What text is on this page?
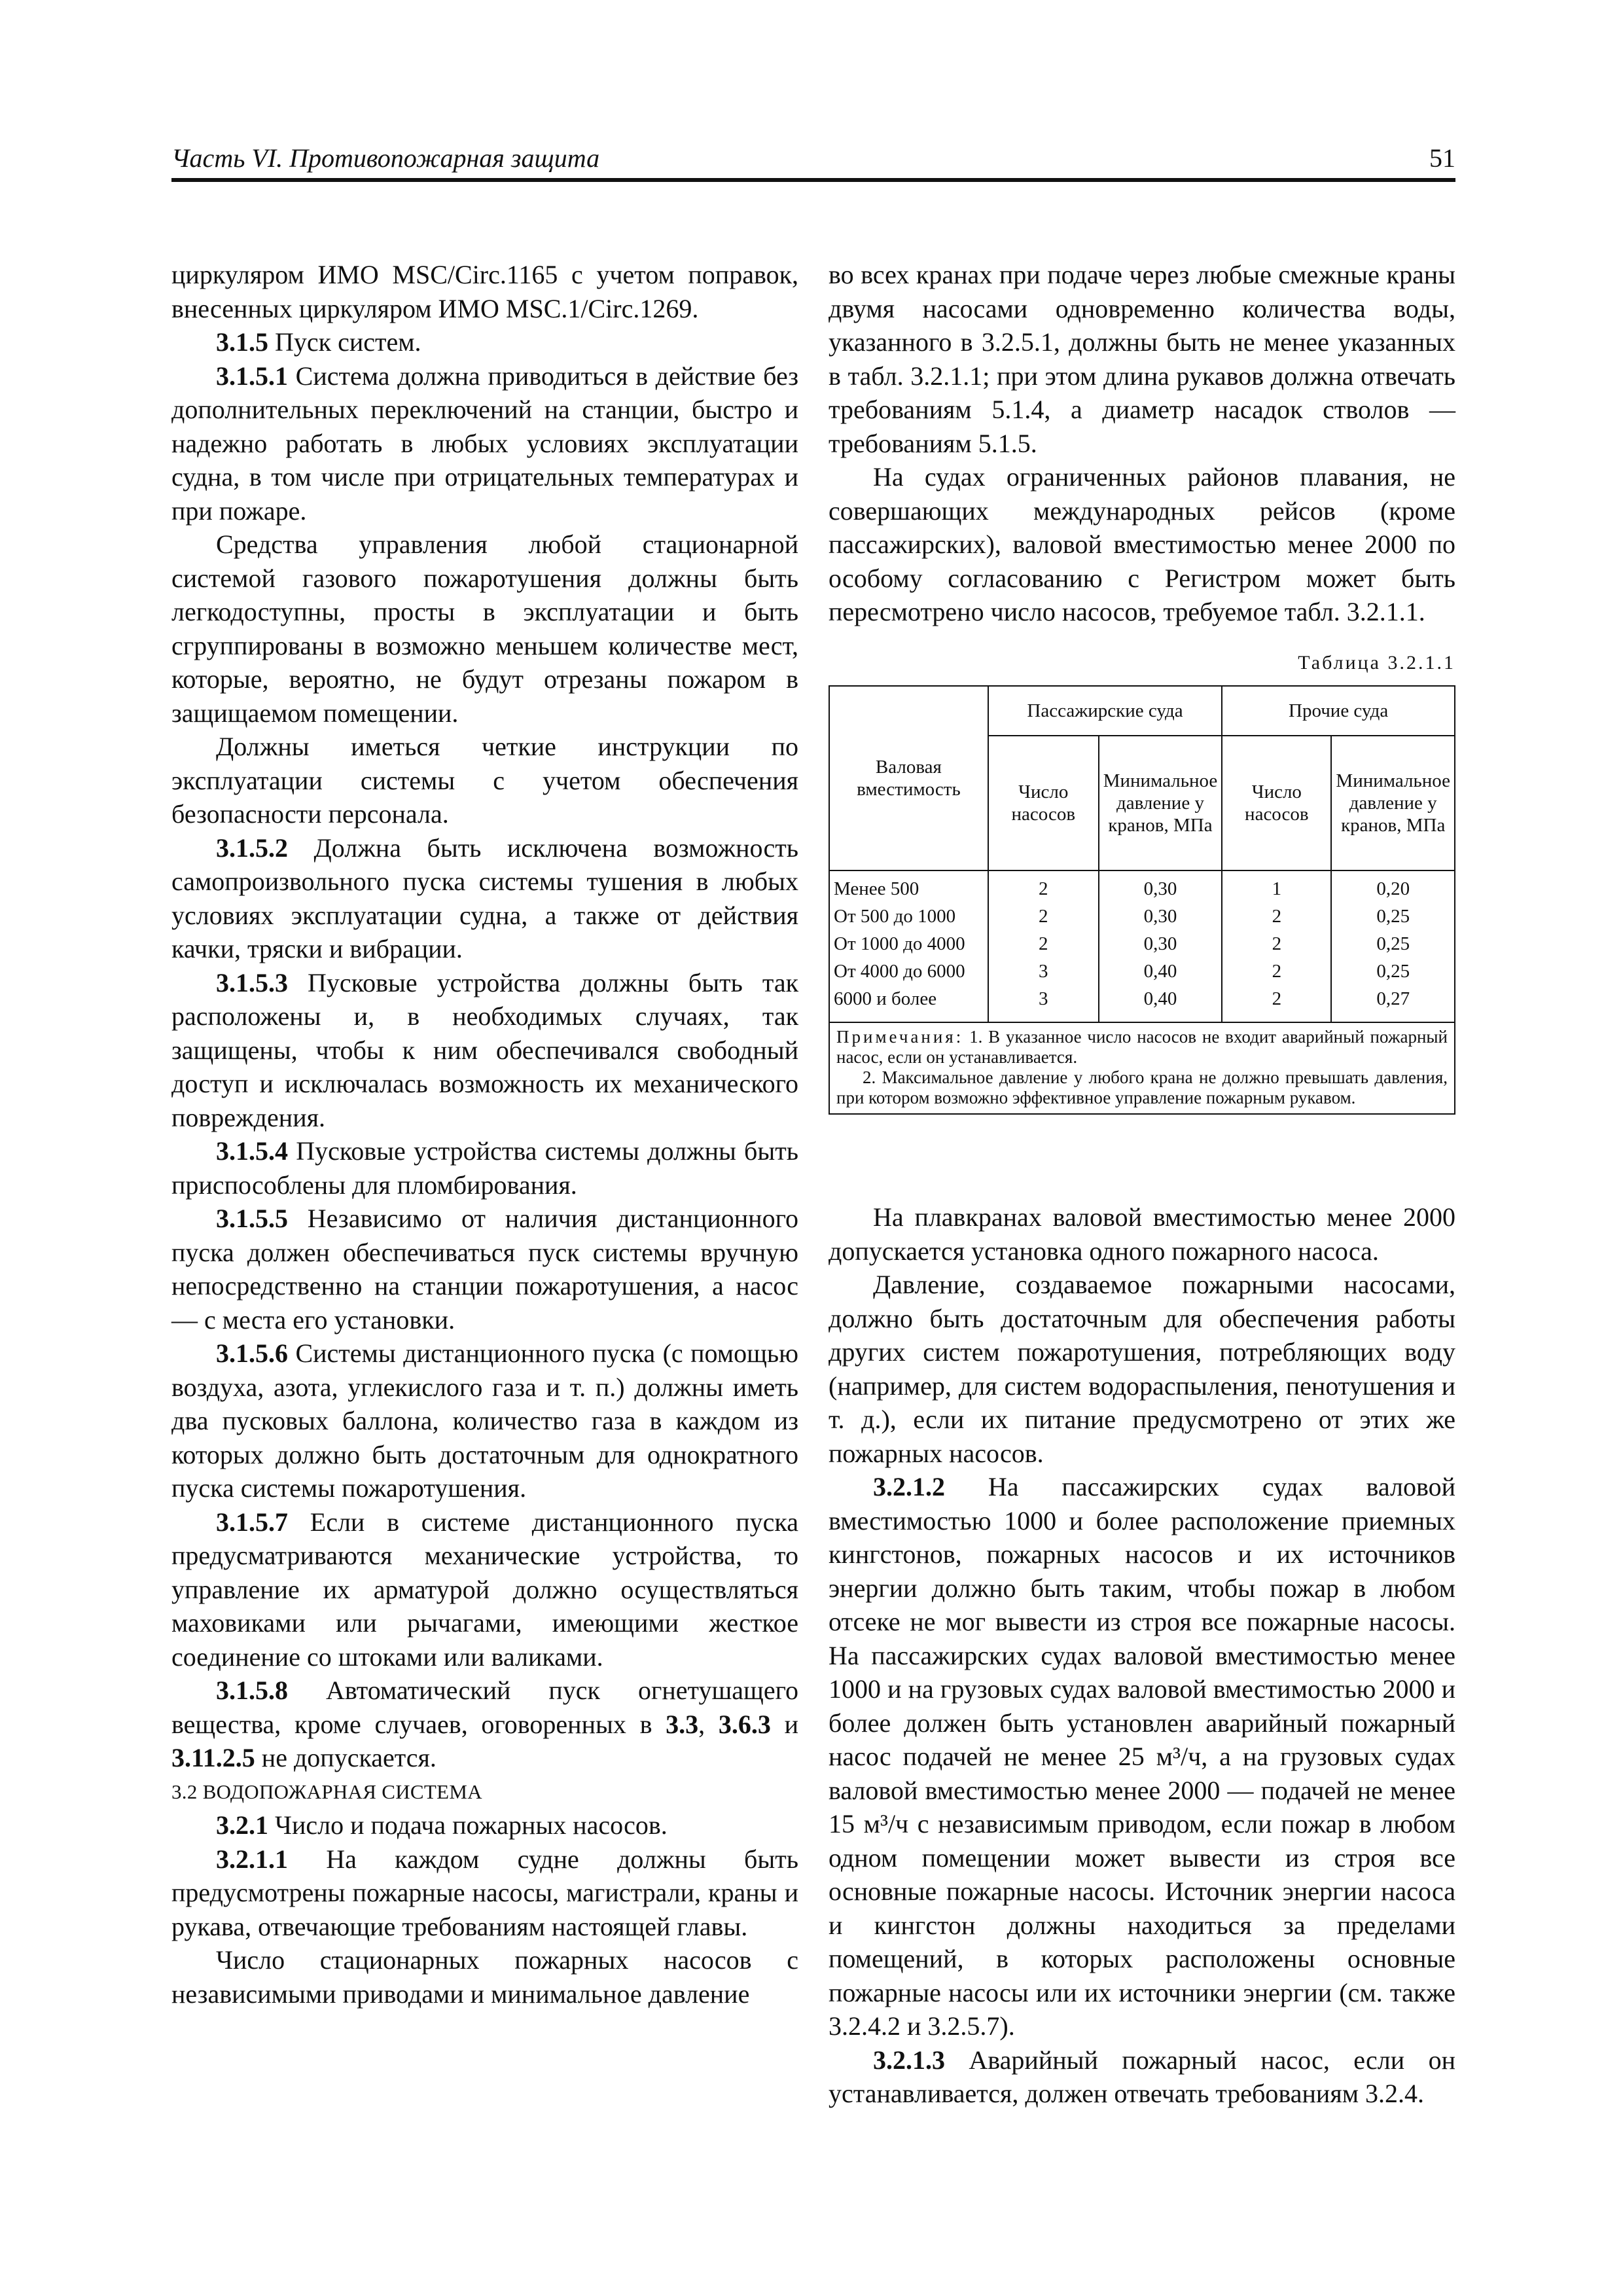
Часть VI. Противопожарная защита	51

циркуляром ИМО MSC/Circ.1165 с учетом поправок, внесенных циркуляром ИМО MSC.1/Circ.1269.

3.1.5 Пуск систем.

3.1.5.1 Система должна приводиться в действие без дополнительных переключений на станции, быстро и надежно работать в любых условиях эксплуатации судна, в том числе при отрицательных температурах и при пожаре.

Средства управления любой стационарной системой газового пожаротушения должны быть легкодоступны, просты в эксплуатации и быть сгруппированы в возможно меньшем количестве мест, которые, вероятно, не будут отрезаны пожаром в защищаемом помещении.

Должны иметься четкие инструкции по эксплуатации системы с учетом обеспечения безопасности персонала.

3.1.5.2 Должна быть исключена возможность самопроизвольного пуска системы тушения в любых условиях эксплуатации судна, а также от действия качки, тряски и вибрации.

3.1.5.3 Пусковые устройства должны быть так расположены и, в необходимых случаях, так защищены, чтобы к ним обеспечивался свободный доступ и исключалась возможность их механического повреждения.

3.1.5.4 Пусковые устройства системы должны быть приспособлены для пломбирования.

3.1.5.5 Независимо от наличия дистанционного пуска должен обеспечиваться пуск системы вручную непосредственно на станции пожаротушения, а насос — с места его установки.

3.1.5.6 Системы дистанционного пуска (с помощью воздуха, азота, углекислого газа и т. п.) должны иметь два пусковых баллона, количество газа в каждом из которых должно быть достаточным для однократного пуска системы пожаротушения.

3.1.5.7 Если в системе дистанционного пуска предусматриваются механические устройства, то управление их арматурой должно осуществляться маховиками или рычагами, имеющими жесткое соединение со штоками или валиками.

3.1.5.8 Автоматический пуск огнетушащего вещества, кроме случаев, оговоренных в 3.3, 3.6.3 и 3.11.2.5 не допускается.

3.2 ВОДОПОЖАРНАЯ СИСТЕМА

3.2.1 Число и подача пожарных насосов.

3.2.1.1 На каждом судне должны быть предусмотрены пожарные насосы, магистрали, краны и рукава, отвечающие требованиям настоящей главы.

Число стационарных пожарных насосов с независимыми приводами и минимальное давление

во всех кранах при подаче через любые смежные краны двумя насосами одновременно количества воды, указанного в 3.2.5.1, должны быть не менее указанных в табл. 3.2.1.1; при этом длина рукавов должна отвечать требованиям 5.1.4, а диаметр насадок стволов — требованиям 5.1.5.

На судах ограниченных районов плавания, не совершающих международных рейсов (кроме пассажирских), валовой вместимостью менее 2000 по особому согласованию с Регистром может быть пересмотрено число насосов, требуемое табл. 3.2.1.1.

Таблица 3.2.1.1
Валовая вместимость	Пассажирские суда		Прочие суда	
	Число насосов	Минимальное давление у кранов, МПа	Число насосов	Минимальное давление у кранов, МПа
Менее 500	2	0,30	1	0,20
От 500 до 1000	2	0,30	2	0,25
От 1000 до 4000	2	0,30	2	0,25
От 4000 до 6000	3	0,40	2	0,25
6000 и более	3	0,40	2	0,27

Примечания: 1. В указанное число насосов не входит аварийный пожарный насос, если он устанавливается.

2. Максимальное давление у любого крана не должно превышать давления, при котором возможно эффективное управление пожарным рукавом.

На плавкранах валовой вместимостью менее 2000 допускается установка одного пожарного насоса.

Давление, создаваемое пожарными насосами, должно быть достаточным для обеспечения работы других систем пожаротушения, потребляющих воду (например, для систем водораспыления, пенотушения и т. д.), если их питание предусмотрено от этих же пожарных насосов.

3.2.1.2 На пассажирских судах валовой вместимостью 1000 и более расположение приемных кингстонов, пожарных насосов и их источников энергии должно быть таким, чтобы пожар в любом отсеке не мог вывести из строя все пожарные насосы. На пассажирских судах валовой вместимостью менее 1000 и на грузовых судах валовой вместимостью 2000 и более должен быть установлен аварийный пожарный насос подачей не менее 25 м³/ч, а на грузовых судах валовой вместимостью менее 2000 — подачей не менее 15 м³/ч с независимым приводом, если пожар в любом одном помещении может вывести из строя все основные пожарные насосы. Источник энергии насоса и кингстон должны находиться за пределами помещений, в которых расположены основные пожарные насосы или их источники энергии (см. также 3.2.4.2 и 3.2.5.7).

3.2.1.3 Аварийный пожарный насос, если он устанавливается, должен отвечать требованиям 3.2.4.
